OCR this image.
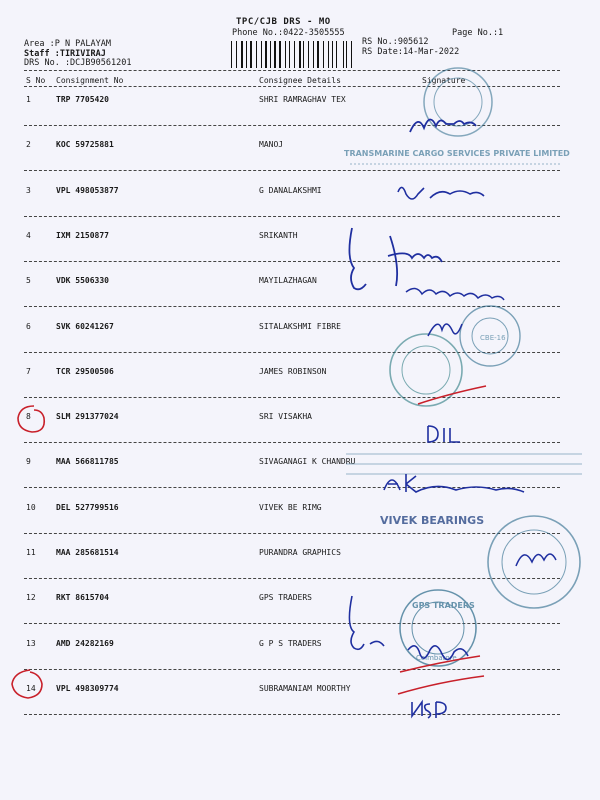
TPC/CJB DRS - MO
Phone No.:0422-3505555	Page No.:1
Area :P N PALAYAM
Staff :TIRIVIRAJ
DRS No. :DCJB90561201
RS No.:905612
RS Date:14-Mar-2022
S No Consignment No	Consignee Details	Signature
1	TRP 7705420	SHRI RAMRAGHAV TEX
2	KOC 59725881	MANOJ
3	VPL 498053877	G DANALAKSHMI
4	IXM 2150877	SRIKANTH
5	VDK 5506330	MAYILAZHAGAN
6	SVK 60241267	SITALAKSHMI FIBRE
7	TCR 29500506	JAMES ROBINSON
8	SLM 291377024	SRI VISAKHA
9	MAA 566811785	SIVAGANAGI K CHANDRU
10	DEL 527799516	VIVEK BE RIMG
11	MAA 285681514	PURANDRA GRAPHICS
12	RKT 8615704	GPS TRADERS
13	AMD 24282169	G P S TRADERS
14	VPL 498309774	SUBRAMANIAM MOORTHY
TRANSMARINE CARGO SERVICES PRIVATE LIMITED
CBE-16
VIVEK BEARINGS
GPS TRADERS
Coimbatore
